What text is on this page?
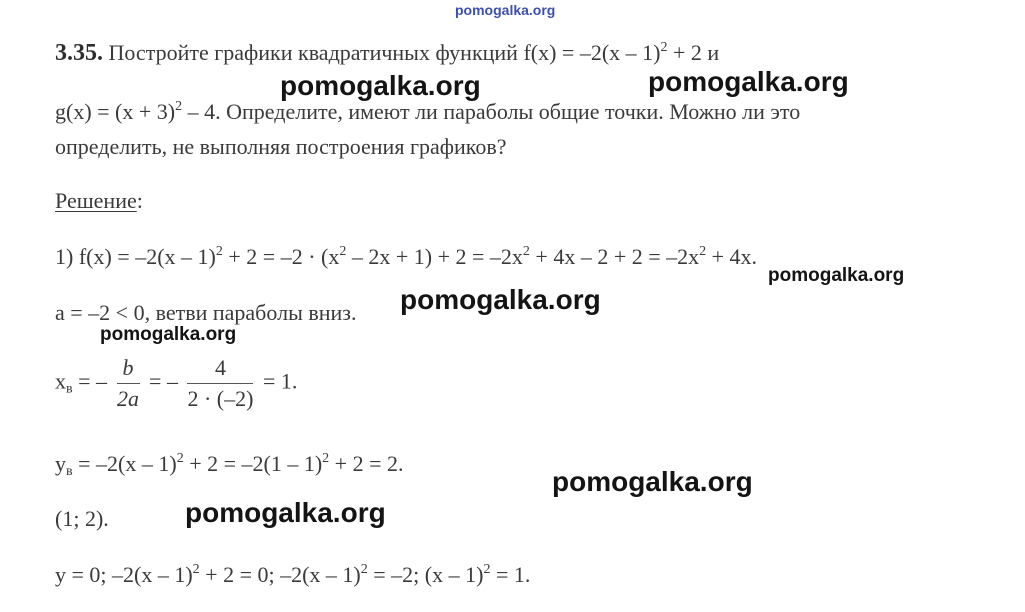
pomogalka.org
pomogalka.org	pomogalka.org
pomogalka.org
pomogalka.org
pomogalka.org
pomogalka.org
pomogalka.org
3.35. Постройте графики квадратичных функций f(x) = –2(x – 1)$^2$ + 2 и
$g(x) = (x + 3)^2 - 4$. Определите, имеют ли параболы общие точки. Можно ли это
определить, не выполняя построения графиков?
Решение:
1) $f(x) = -2(x - 1)^2 + 2 = -2 \cdot (x^2 - 2x + 1) + 2 = -2x^2 + 4x - 2 + 2 = -2x^2 + 4x$.
a = –2 < 0, ветви параболы вниз.
$x_в$ = – $\frac{b}{2a}$ = – $\frac{4}{2 \cdot (-2)} = 1$.
$y_в = -2(x - 1)^2 + 2 = -2(1 - 1)^2 + 2 = 2$.
(1; 2).
y = 0; –2(x – 1)$^2$ + 2 = 0; –2(x – 1)$^2$ = –2; (x – 1)$^2$ = 1.
